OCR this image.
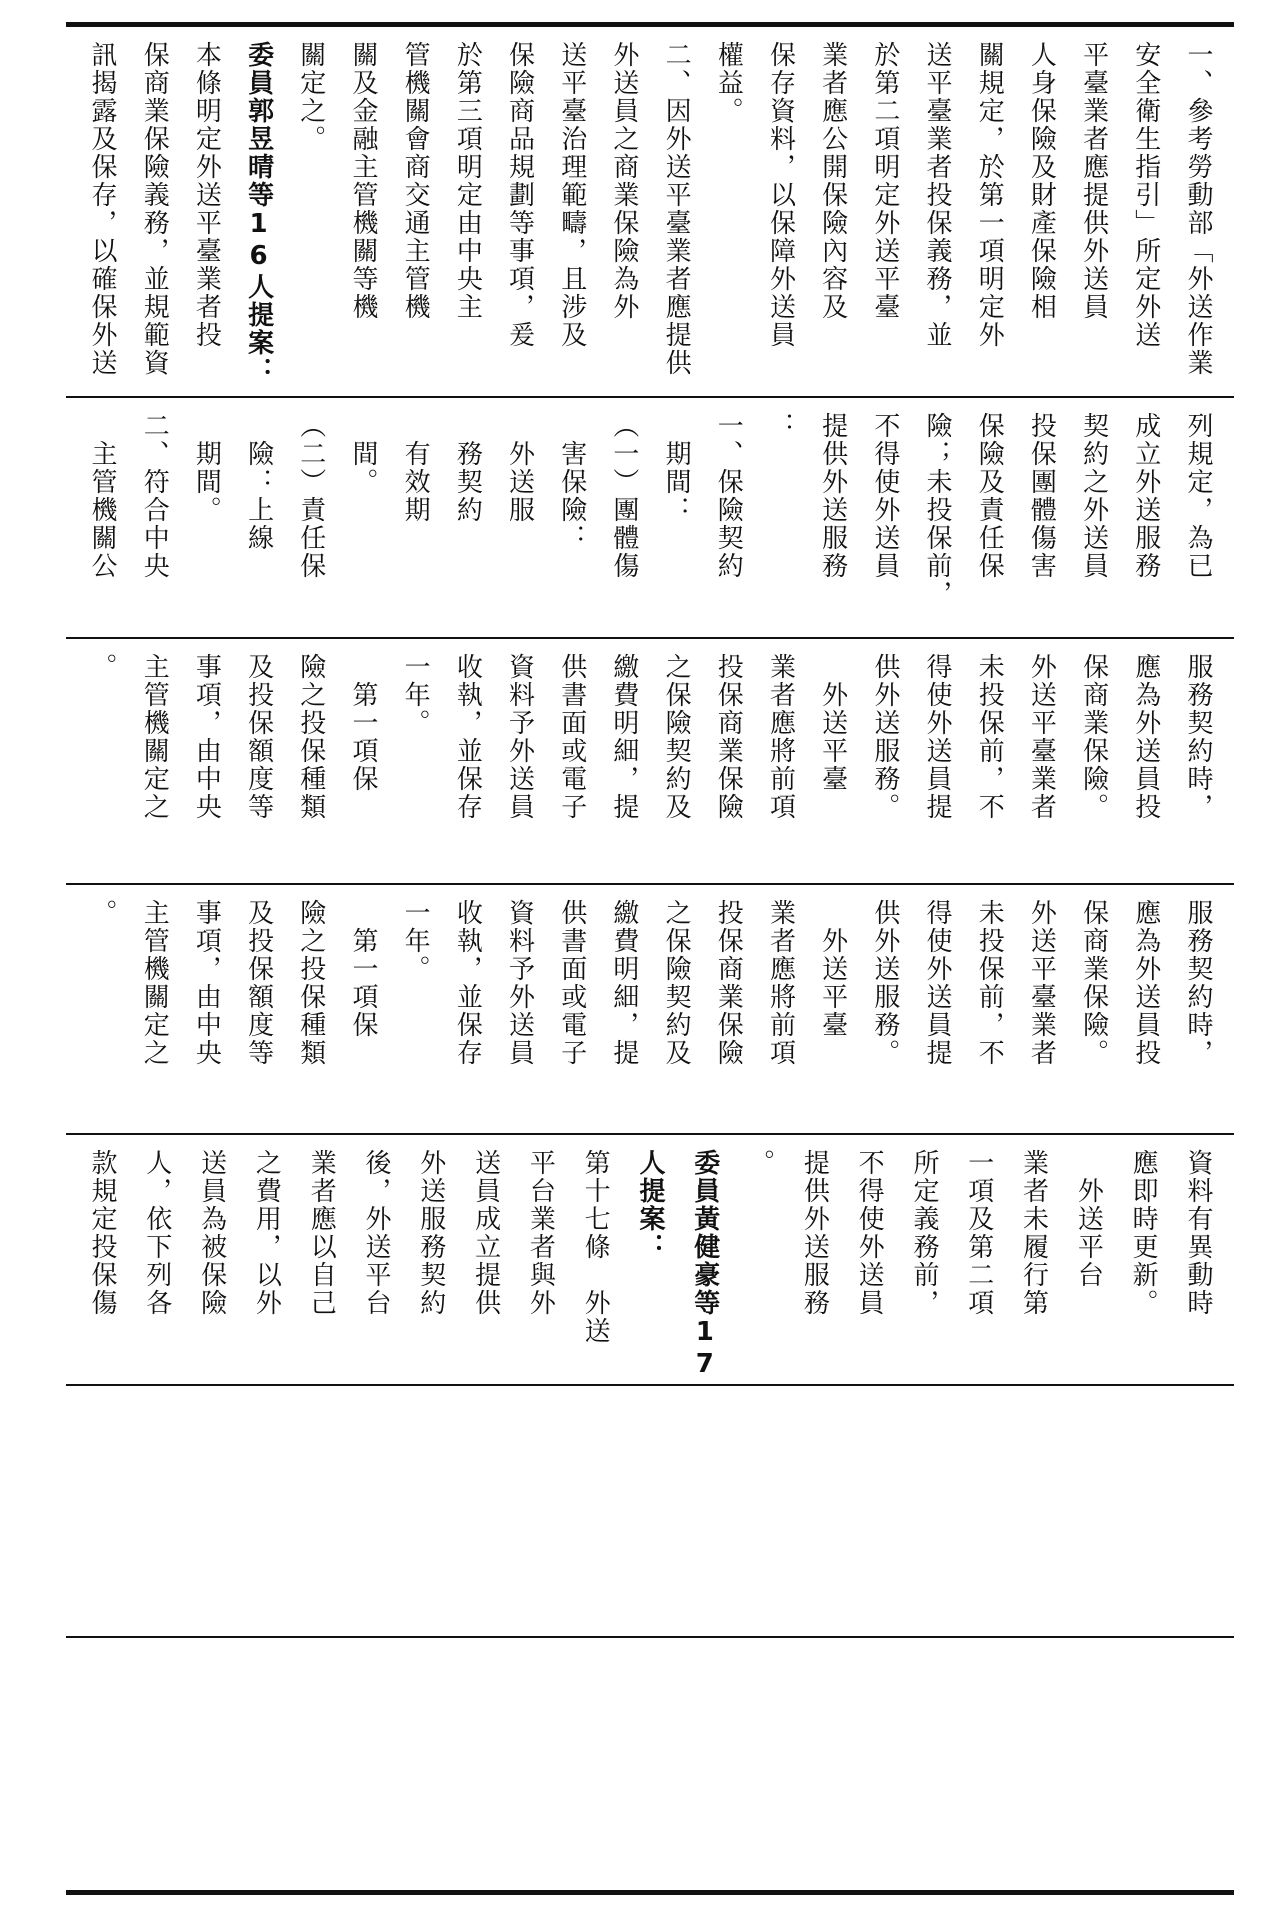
一、參考勞動部「外送作業
安全衛生指引」所定外送
平臺業者應提供外送員
人身保險及財產保險相
關規定，於第一項明定外
送平臺業者投保義務，並
於第二項明定外送平臺
業者應公開保險內容及
保存資料，以保障外送員
權益。
二、因外送平臺業者應提供
外送員之商業保險為外
送平臺治理範疇，且涉及
保險商品規劃等事項，爰
於第三項明定由中央主
管機關會商交通主管機
關及金融主管機關等機
關定之。
委員郭昱晴等16人提案：
本條明定外送平臺業者投
保商業保險義務，並規範資
訊揭露及保存，以確保外送
列規定，為已
成立外送服務
契約之外送員
投保團體傷害
保險及責任保
險；未投保前，
不得使外送員
提供外送服務
：
一、保險契約
　期間：
（一）團體傷
　害保險：
　外送服
　務契約
　有效期
　間。
（二）責任保
　險：上線
　期間。
二、符合中央
　主管機關公
服務契約時，
應為外送員投
保商業保險。
外送平臺業者
未投保前，不
得使外送員提
供外送服務。
　外送平臺
業者應將前項
投保商業保險
之保險契約及
繳費明細，提
供書面或電子
資料予外送員
收執，並保存
一年。
　第一項保
險之投保種類
及投保額度等
事項，由中央
主管機關定之
。
服務契約時，
應為外送員投
保商業保險。
外送平臺業者
未投保前，不
得使外送員提
供外送服務。
　外送平臺
業者應將前項
投保商業保險
之保險契約及
繳費明細，提
供書面或電子
資料予外送員
收執，並保存
一年。
　第一項保
險之投保種類
及投保額度等
事項，由中央
主管機關定之
。
資料有異動時
應即時更新。
　外送平台
業者未履行第
一項及第二項
所定義務前，
不得使外送員
提供外送服務
。
委員黃健豪等17
人提案：
第十七條　外送
平台業者與外
送員成立提供
外送服務契約
後，外送平台
業者應以自己
之費用，以外
送員為被保險
人，依下列各
款規定投保傷
